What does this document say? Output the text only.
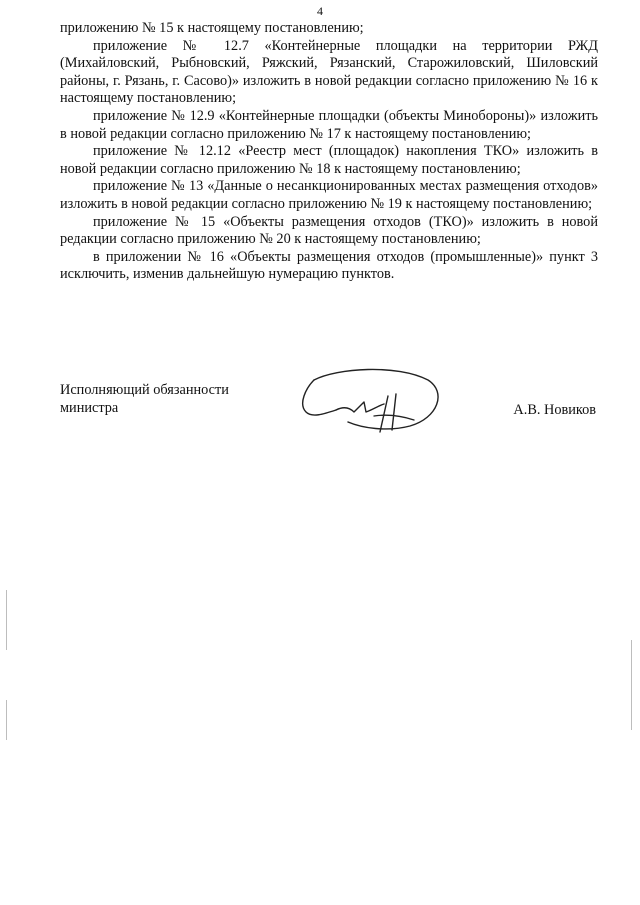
4

приложению № 15 к настоящему постановлению;

приложение № 12.7 «Контейнерные площадки на территории РЖД (Михайловский, Рыбновский, Ряжский, Рязанский, Старожиловский, Шиловский районы, г. Рязань, г. Сасово)» изложить в новой редакции согласно приложению № 16 к настоящему постановлению;

приложение № 12.9 «Контейнерные площадки (объекты Минобороны)» изложить в новой редакции согласно приложению № 17 к настоящему постановлению;

приложение № 12.12 «Реестр мест (площадок) накопления ТКО» изложить в новой редакции согласно приложению № 18 к настоящему постановлению;

приложение № 13 «Данные о несанкционированных местах размещения отходов» изложить в новой редакции согласно приложению № 19 к настоящему постановлению;

приложение № 15 «Объекты размещения отходов (ТКО)» изложить в новой редакции согласно приложению № 20 к настоящему постановлению;

в приложении № 16 «Объекты размещения отходов (промышленные)» пункт 3 исключить, изменив дальнейшую нумерацию пунктов.

Исполняющий обязанности
министра	А.В. Новиков
